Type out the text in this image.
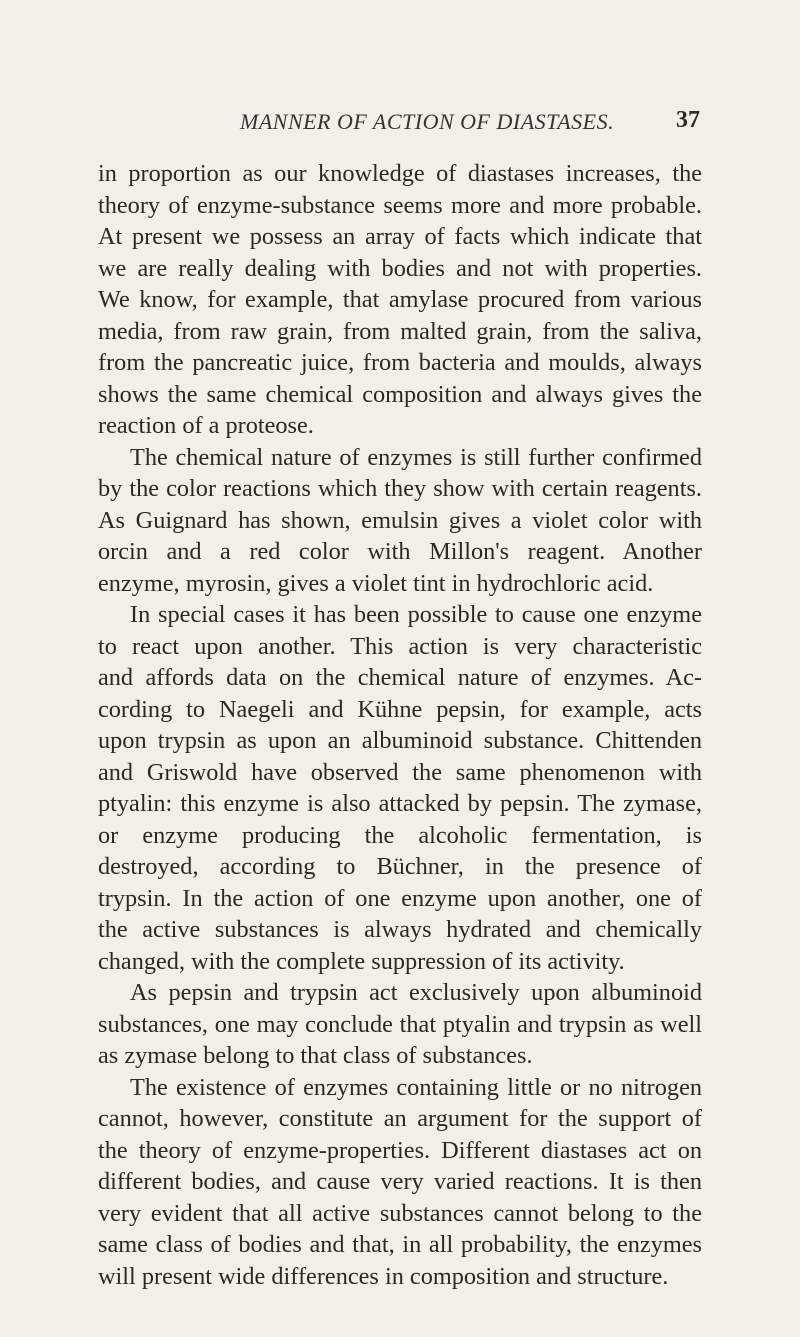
MANNER OF ACTION OF DIASTASES.	37
in proportion as our knowledge of diastases increases, the
theory of enzyme-substance seems more and more probable.
At present we possess an array of facts which indicate that
we are really dealing with bodies and not with properties.
We know, for example, that amylase procured from various
media, from raw grain, from malted grain, from the saliva,
from the pancreatic juice, from bacteria and moulds, always
shows the same chemical composition and always gives the
reaction of a proteose.
The chemical nature of enzymes is still further confirmed
by the color reactions which they show with certain reagents.
As Guignard has shown, emulsin gives a violet color with
orcin and a red color with Millon's reagent. Another
enzyme, myrosin, gives a violet tint in hydrochloric acid.
In special cases it has been possible to cause one enzyme
to react upon another. This action is very characteristic
and affords data on the chemical nature of enzymes. Ac-
cording to Naegeli and Kühne pepsin, for example, acts
upon trypsin as upon an albuminoid substance. Chittenden
and Griswold have observed the same phenomenon with
ptyalin: this enzyme is also attacked by pepsin. The zymase,
or enzyme producing the alcoholic fermentation, is
destroyed, according to Büchner, in the presence of
trypsin. In the action of one enzyme upon another, one of
the active substances is always hydrated and chemically
changed, with the complete suppression of its activity.
As pepsin and trypsin act exclusively upon albuminoid
substances, one may conclude that ptyalin and trypsin as well
as zymase belong to that class of substances.
The existence of enzymes containing little or no nitrogen
cannot, however, constitute an argument for the support of
the theory of enzyme-properties. Different diastases act on
different bodies, and cause very varied reactions. It is then
very evident that all active substances cannot belong to the
same class of bodies and that, in all probability, the enzymes
will present wide differences in composition and structure.
